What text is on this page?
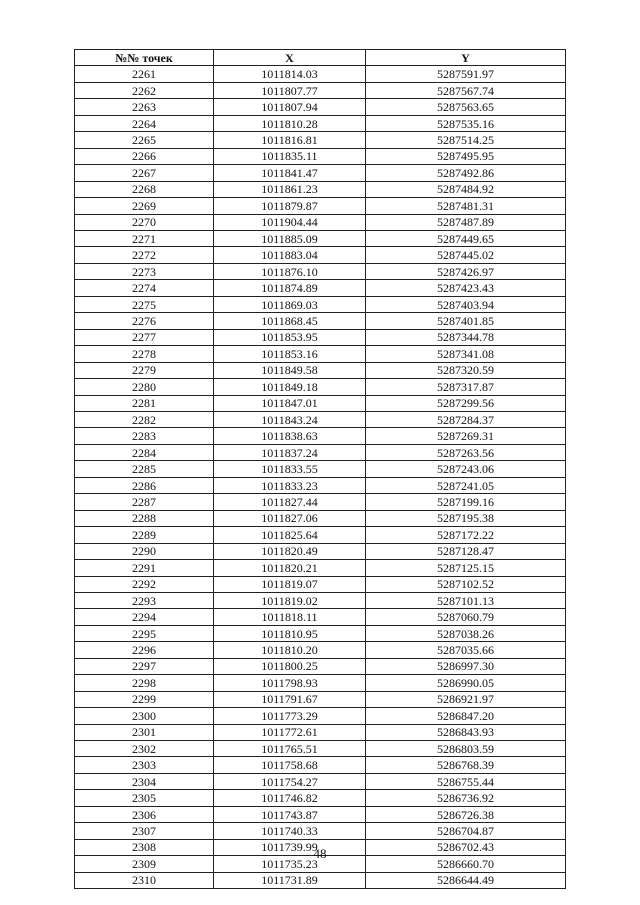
№№ точек	X	Y
2261	1011814.03	5287591.97
2262	1011807.77	5287567.74
2263	1011807.94	5287563.65
2264	1011810.28	5287535.16
2265	1011816.81	5287514.25
2266	1011835.11	5287495.95
2267	1011841.47	5287492.86
2268	1011861.23	5287484.92
2269	1011879.87	5287481.31
2270	1011904.44	5287487.89
2271	1011885.09	5287449.65
2272	1011883.04	5287445.02
2273	1011876.10	5287426.97
2274	1011874.89	5287423.43
2275	1011869.03	5287403.94
2276	1011868.45	5287401.85
2277	1011853.95	5287344.78
2278	1011853.16	5287341.08
2279	1011849.58	5287320.59
2280	1011849.18	5287317.87
2281	1011847.01	5287299.56
2282	1011843.24	5287284.37
2283	1011838.63	5287269.31
2284	1011837.24	5287263.56
2285	1011833.55	5287243.06
2286	1011833.23	5287241.05
2287	1011827.44	5287199.16
2288	1011827.06	5287195.38
2289	1011825.64	5287172.22
2290	1011820.49	5287128.47
2291	1011820.21	5287125.15
2292	1011819.07	5287102.52
2293	1011819.02	5287101.13
2294	1011818.11	5287060.79
2295	1011810.95	5287038.26
2296	1011810.20	5287035.66
2297	1011800.25	5286997.30
2298	1011798.93	5286990.05
2299	1011791.67	5286921.97
2300	1011773.29	5286847.20
2301	1011772.61	5286843.93
2302	1011765.51	5286803.59
2303	1011758.68	5286768.39
2304	1011754.27	5286755.44
2305	1011746.82	5286736.92
2306	1011743.87	5286726.38
2307	1011740.33	5286704.87
2308	1011739.99	5286702.43
2309	1011735.23	5286660.70
2310	1011731.89	5286644.49
48
